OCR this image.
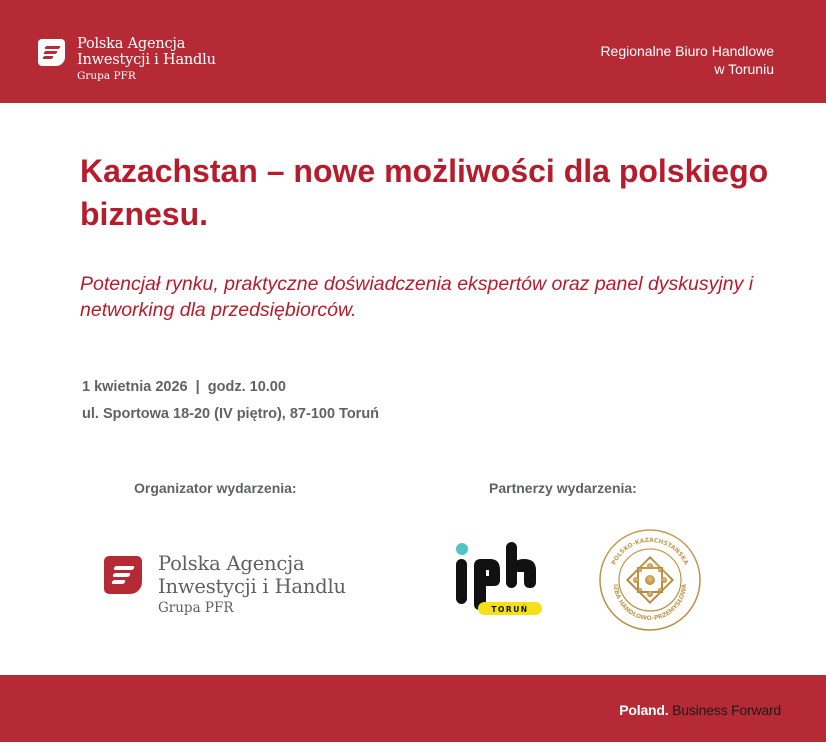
Polska Agencja
Inwestycji i Handlu
Grupa PFR
Regionalne Biuro Handlowe
w Toruniu
Kazachstan – nowe możliwości dla polskiego biznesu.

Potencjał rynku, praktyczne doświadczenia ekspertów oraz panel dyskusyjny i networking dla przedsiębiorców.

1 kwietnia 2026  |  godz. 10.00
ul. Sportowa 18-20 (IV piętro), 87-100 Toruń
Organizator wydarzenia:	Partnerzy wydarzenia:
Polska Agencja
Inwestycji i Handlu
Grupa PFR	TORUŃ
POLSKO-KAZACHSTAŃSKA
IZBA HANDLOWO-PRZEMYSŁOWA
Poland. Business Forward
